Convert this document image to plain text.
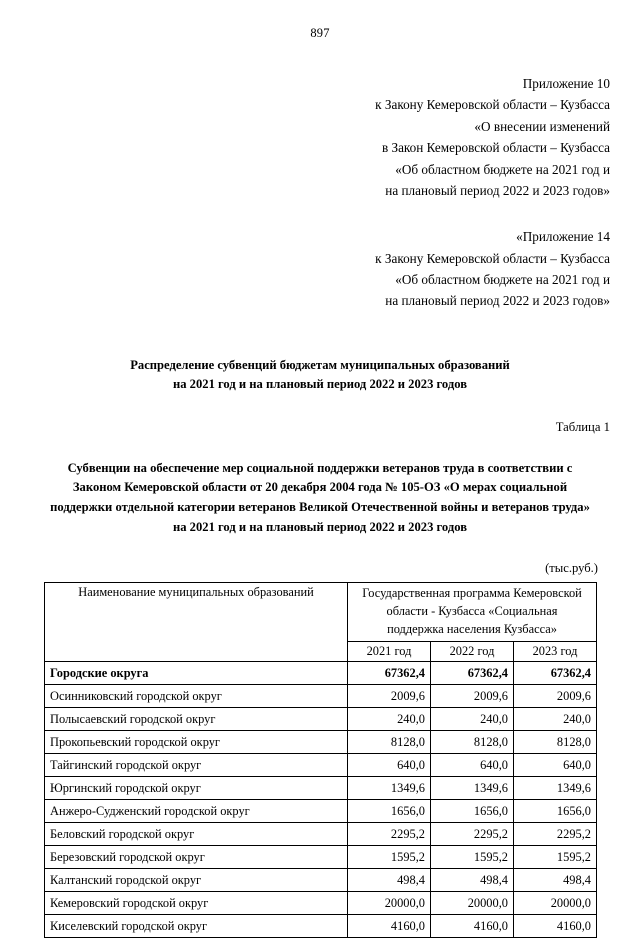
897
Приложение 10
к Закону Кемеровской области – Кузбасса
«О внесении изменений
в Закон Кемеровской области – Кузбасса
«Об областном бюджете на 2021 год и
на плановый период 2022 и 2023 годов»
«Приложение 14
к Закону Кемеровской области – Кузбасса
«Об областном бюджете на 2021 год и
на плановый период 2022 и 2023 годов»
Распределение субвенций бюджетам муниципальных образований
на 2021 год и на плановый период 2022 и 2023 годов
Таблица 1
Субвенции на обеспечение мер социальной поддержки ветеранов труда в соответствии с Законом Кемеровской области от 20 декабря 2004 года № 105-ОЗ «О мерах социальной поддержки отдельной категории ветеранов Великой Отечественной войны и ветеранов труда» на 2021 год и на плановый период 2022 и 2023 годов
(тыс.руб.)
Наименование муниципальных образований	Государственная программа Кемеровской
области - Кузбасса «Социальная
поддержка населения Кузбасса»		
	2021 год	2022 год	2023 год
Городские округа	67362,4	67362,4	67362,4
Осинниковский городской округ	2009,6	2009,6	2009,6
Полысаевский городской округ	240,0	240,0	240,0
Прокопьевский городской округ	8128,0	8128,0	8128,0
Тайгинский городской округ	640,0	640,0	640,0
Юргинский городской округ	1349,6	1349,6	1349,6
Анжеро-Судженский городской округ	1656,0	1656,0	1656,0
Беловский городской округ	2295,2	2295,2	2295,2
Березовский городской округ	1595,2	1595,2	1595,2
Калтанский городской округ	498,4	498,4	498,4
Кемеровский городской округ	20000,0	20000,0	20000,0
Киселевский городской округ	4160,0	4160,0	4160,0
